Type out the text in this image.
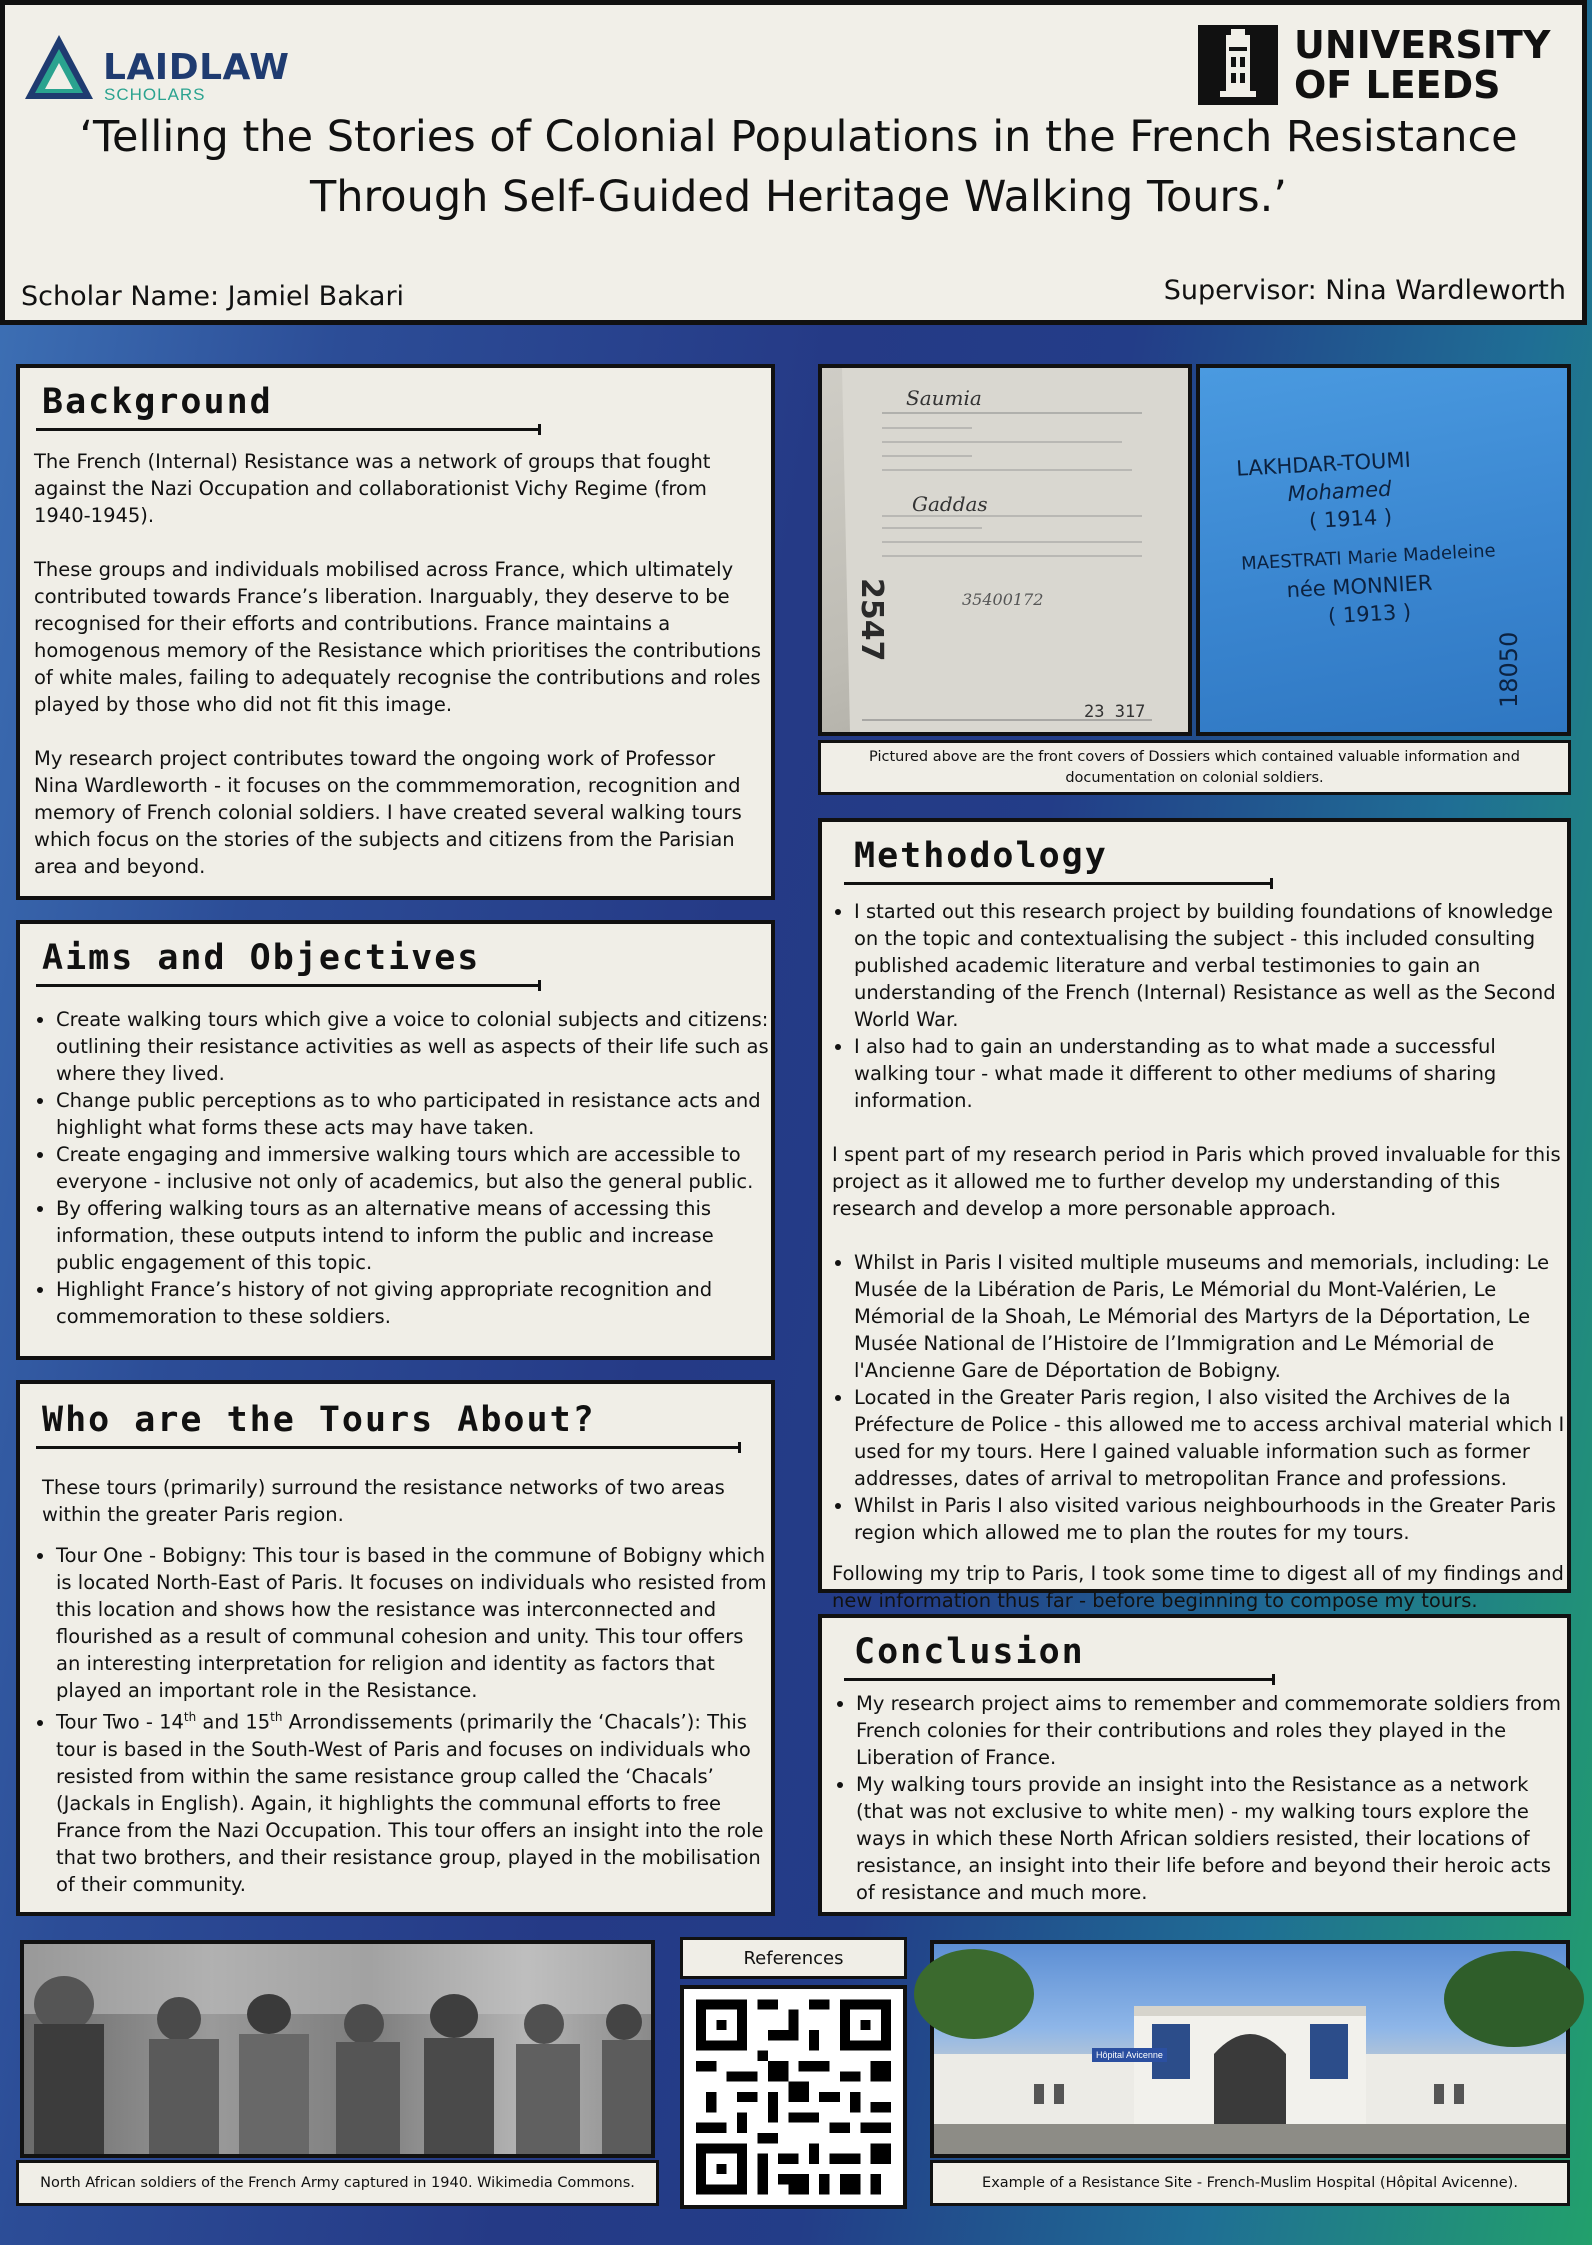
LAIDLAW
SCHOLARS
UNIVERSITY
OF LEEDS
‘Telling the Stories of Colonial Populations in the French Resistance
Through Self-Guided Heritage Walking Tours.’
Scholar Name: Jamiel Bakari	Supervisor: Nina Wardleworth
Background

The French (Internal) Resistance was a network of groups that fought against the Nazi Occupation and collaborationist Vichy Regime (from 1940-1945).

These groups and individuals mobilised across France, which ultimately contributed towards France’s liberation. Inarguably, they deserve to be recognised for their efforts and contributions. France maintains a homogenous memory of the Resistance which prioritises the contributions of white males, failing to adequately recognise the contributions and roles played by those who did not fit this image.

My research project contributes toward the ongoing work of Professor Nina Wardleworth - it focuses on the commmemoration, recognition and memory of French colonial soldiers. I have created several walking tours which focus on the stories of the subjects and citizens from the Parisian area and beyond.

Aims and Objectives
• Create walking tours which give a voice to colonial subjects and citizens: outlining their resistance activities as well as aspects of their life such as where they lived.
• Change public perceptions as to who participated in resistance acts and highlight what forms these acts may have taken.
• Create engaging and immersive walking tours which are accessible to everyone - inclusive not only of academics, but also the general public.
• By offering walking tours as an alternative means of accessing this information, these outputs intend to inform the public and increase public engagement of this topic.
• Highlight France’s history of not giving appropriate recognition and commemoration to these soldiers.
Who are the Tours About?

These tours (primarily) surround the resistance networks of two areas within the greater Paris region.

• Tour One - Bobigny: This tour is based in the commune of Bobigny which is located North-East of Paris. It focuses on individuals who resisted from this location and shows how the resistance was interconnected and flourished as a result of communal cohesion and unity. This tour offers an interesting interpretation for religion and identity as factors that played an important role in the Resistance.
• Tour Two - 14th and 15th Arrondissements (primarily the ‘Chacals’): This tour is based in the South-West of Paris and focuses on individuals who resisted from within the same resistance group called the ‘Chacals’ (Jackals in English). Again, it highlights the communal efforts to free France from the Nazi Occupation. This tour offers an insight into the role that two brothers, and their resistance group, played in the mobilisation of their community.
2547
Saumia
Gaddas
35400172
23 317
LAKHDAR-TOUMI
Mohamed
( 1914 )
MAESTRATI Marie Madeleine
née MONNIER
( 1913 )
18050
Pictured above are the front covers of Dossiers which contained valuable information and documentation on colonial soldiers.
Methodology
• I started out this research project by building foundations of knowledge on the topic and contextualising the subject - this included consulting published academic literature and verbal testimonies to gain an understanding of the French (Internal) Resistance as well as the Second World War.
• I also had to gain an understanding as to what made a successful walking tour - what made it different to other mediums of sharing information.

I spent part of my research period in Paris which proved invaluable for this project as it allowed me to further develop my understanding of this research and develop a more personable approach.

• Whilst in Paris I visited multiple museums and memorials, including: Le Musée de la Libération de Paris, Le Mémorial du Mont-Valérien, Le Mémorial de la Shoah, Le Mémorial des Martyrs de la Déportation, Le Musée National de l’Histoire de l’Immigration and Le Mémorial de l'Ancienne Gare de Déportation de Bobigny.
• Located in the Greater Paris region, I also visited the Archives de la Préfecture de Police - this allowed me to access archival material which I used for my tours. Here I gained valuable information such as former addresses, dates of arrival to metropolitan France and professions.
• Whilst in Paris I also visited various neighbourhoods in the Greater Paris region which allowed me to plan the routes for my tours.

Following my trip to Paris, I took some time to digest all of my findings and new information thus far - before beginning to compose my tours.

Conclusion
• My research project aims to remember and commemorate soldiers from French colonies for their contributions and roles they played in the Liberation of France.
• My walking tours provide an insight into the Resistance as a network (that was not exclusive to white men) - my walking tours explore the ways in which these North African soldiers resisted, their locations of resistance, an insight into their life before and beyond their heroic acts of resistance and much more.
North African soldiers of the French Army captured in 1940. Wikimedia Commons.
References
Hôpital Avicenne
Example of a Resistance Site - French-Muslim Hospital (Hôpital Avicenne).
